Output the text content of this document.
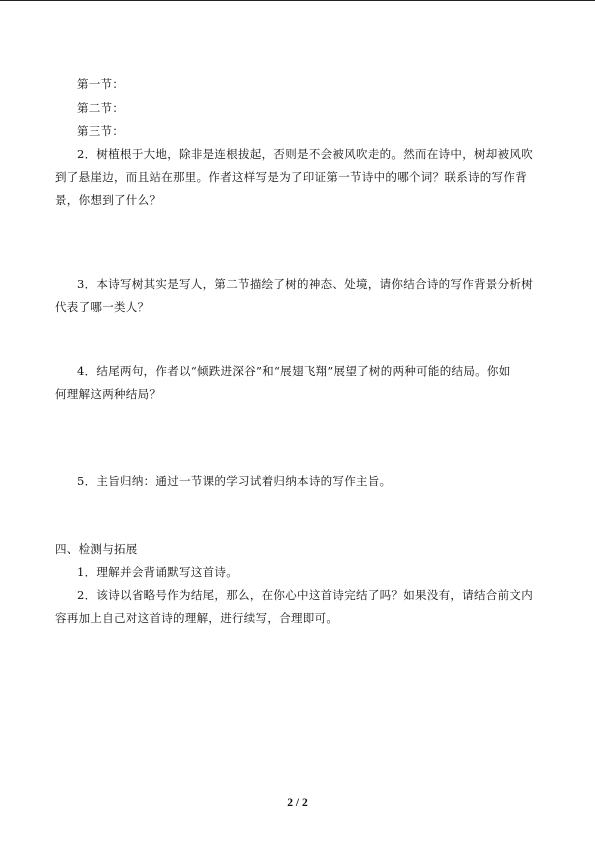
第一节：
第二节：
第三节：
2．树植根于大地，除非是连根拔起，否则是不会被风吹走的。然而在诗中，树却被风吹
到了悬崖边，而且站在那里。作者这样写是为了印证第一节诗中的哪个词？联系诗的写作背
景，你想到了什么？
3．本诗写树其实是写人，第二节描绘了树的神态、处境，请你结合诗的写作背景分析树
代表了哪一类人？
4．结尾两句，作者以“倾跌进深谷”和“展翅飞翔”展望了树的两种可能的结局。你如
何理解这两种结局？
5．主旨归纳：通过一节课的学习试着归纳本诗的写作主旨。
四、检测与拓展
1．理解并会背诵默写这首诗。
2．该诗以省略号作为结尾，那么，在你心中这首诗完结了吗？如果没有，请结合前文内
容再加上自己对这首诗的理解，进行续写，合理即可。
2 / 2
